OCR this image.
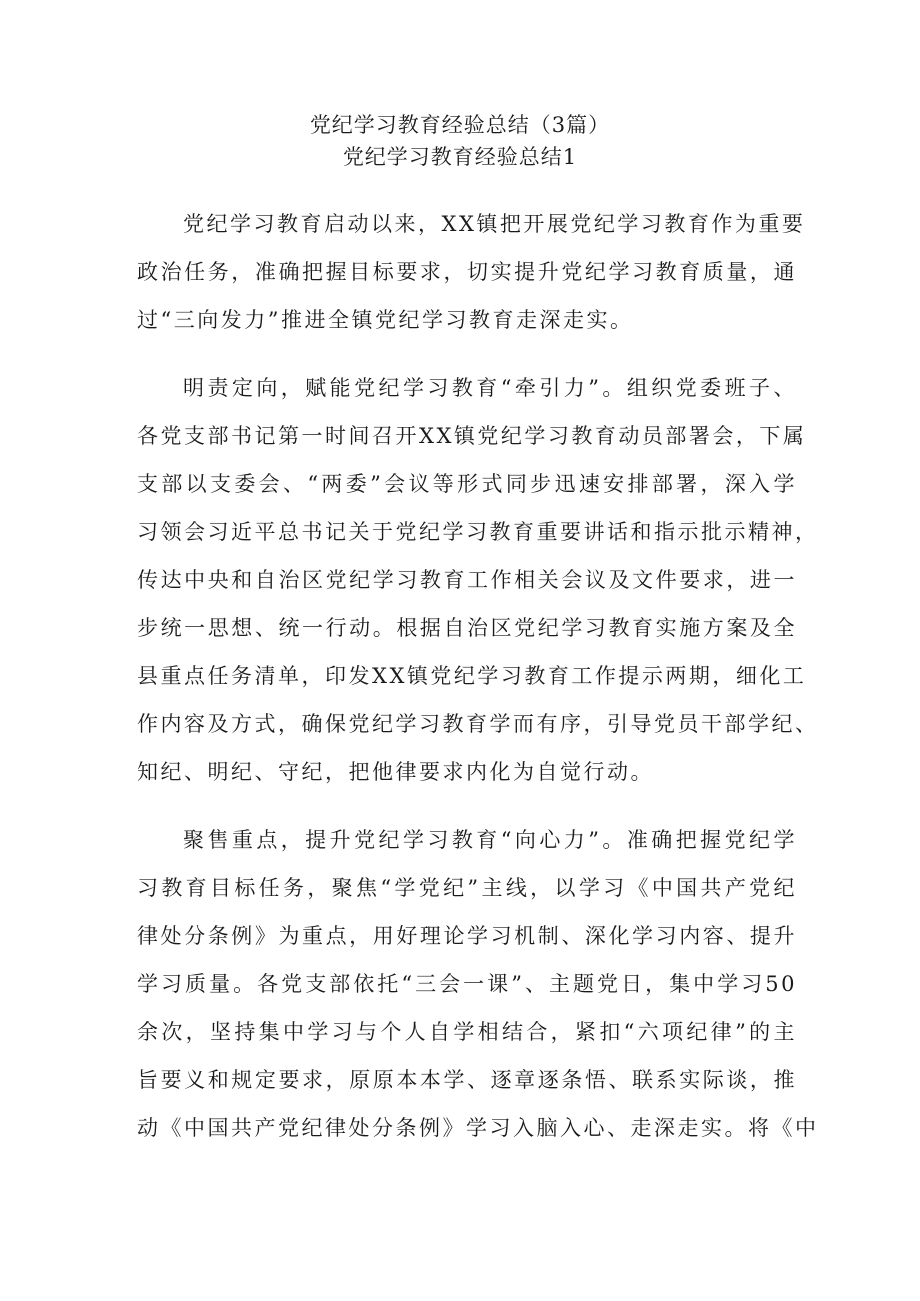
党纪学习教育经验总结（3篇）
党纪学习教育经验总结1
党纪学习教育启动以来，XX镇把开展党纪学习教育作为重要
政治任务，准确把握目标要求，切实提升党纪学习教育质量，通
过“三向发力”推进全镇党纪学习教育走深走实。
明责定向，赋能党纪学习教育“牵引力”。组织党委班子、
各党支部书记第一时间召开XX镇党纪学习教育动员部署会，下属
支部以支委会、“两委”会议等形式同步迅速安排部署，深入学
习领会习近平总书记关于党纪学习教育重要讲话和指示批示精神，
传达中央和自治区党纪学习教育工作相关会议及文件要求，进一
步统一思想、统一行动。根据自治区党纪学习教育实施方案及全
县重点任务清单，印发XX镇党纪学习教育工作提示两期，细化工
作内容及方式，确保党纪学习教育学而有序，引导党员干部学纪、
知纪、明纪、守纪，把他律要求内化为自觉行动。
聚售重点，提升党纪学习教育“向心力”。准确把握党纪学
习教育目标任务，聚焦“学党纪”主线，以学习《中国共产党纪
律处分条例》为重点，用好理论学习机制、深化学习内容、提升
学习质量。各党支部依托“三会一课”、主题党日，集中学习50
余次，坚持集中学习与个人自学相结合，紧扣“六项纪律”的主
旨要义和规定要求，原原本本学、逐章逐条悟、联系实际谈，推
动《中国共产党纪律处分条例》学习入脑入心、走深走实。将《中
